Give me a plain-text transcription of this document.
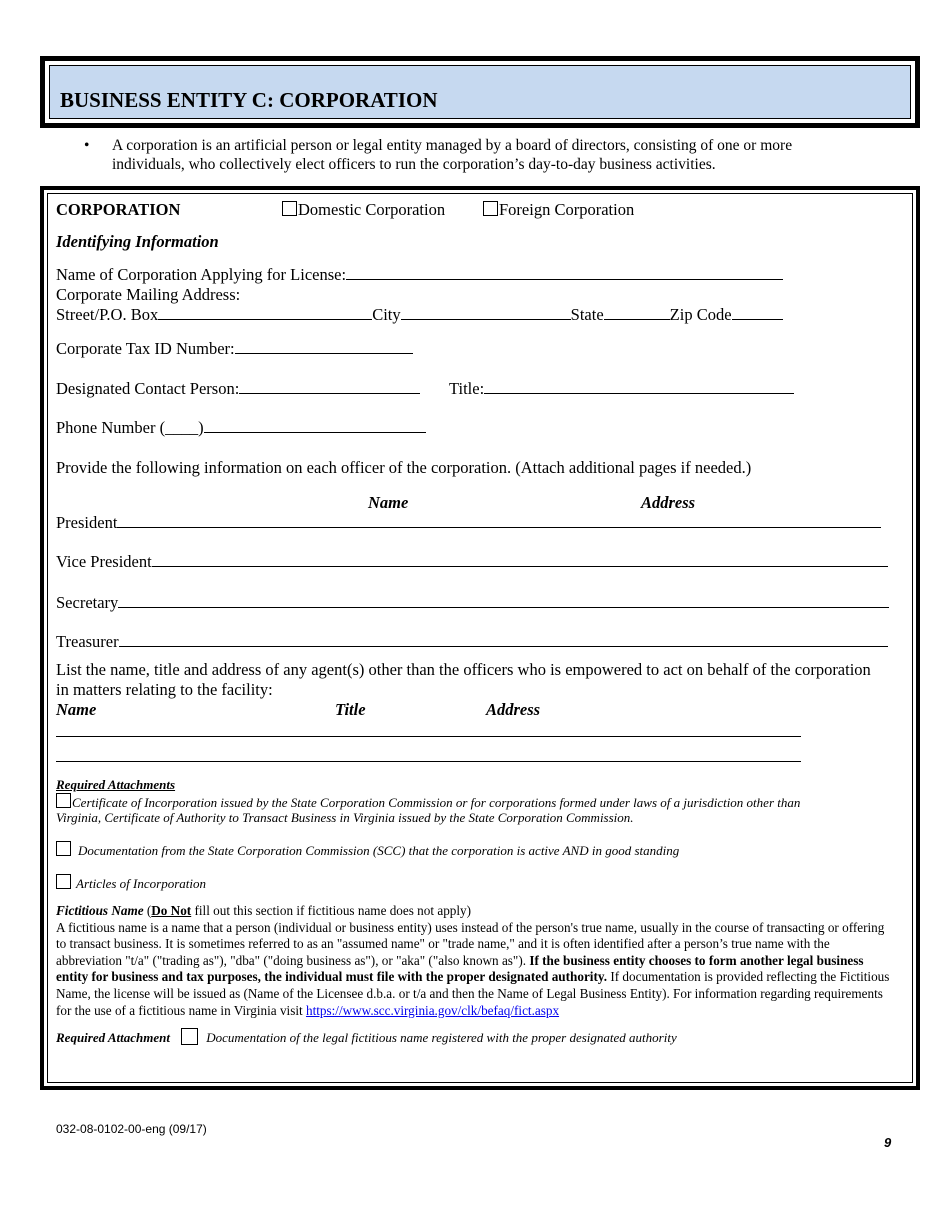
BUSINESS ENTITY C: CORPORATION
• A corporation is an artificial person or legal entity managed by a board of directors, consisting of one or more individuals, who collectively elect officers to run the corporation’s day-to-day business activities.
CORPORATION	Domestic Corporation	Foreign Corporation
Identifying Information
Name of Corporation Applying for License:
Corporate Mailing Address:
Street/P.O. Box	City	State	Zip Code
Corporate Tax ID Number:
Designated Contact Person:	Title:
Phone Number (____)
Provide the following information on each officer of the corporation. (Attach additional pages if needed.)
Name	Address
President
Vice President
Secretary
Treasurer
List the name, title and address of any agent(s) other than the officers who is empowered to act on behalf of the corporation
in matters relating to the facility:
Name	Title	Address
Required Attachments
Certificate of Incorporation issued by the State Corporation Commission or for corporations formed under laws of a jurisdiction other than
Virginia, Certificate of Authority to Transact Business in Virginia issued by the State Corporation Commission.
Documentation from the State Corporation Commission (SCC) that the corporation is active AND in good standing
Articles of Incorporation
Fictitious Name (Do Not fill out this section if fictitious name does not apply)
A fictitious name is a name that a person (individual or business entity) uses instead of the person's true name, usually in the course of transacting or offering to transact business. It is sometimes referred to as an "assumed name" or "trade name," and it is often identified after a person’s true name with the abbreviation "t/a" ("trading as"), "dba" ("doing business as"), or "aka" ("also known as"). If the business entity chooses to form another legal business entity for business and tax purposes, the individual must file with the proper designated authority. If documentation is provided reflecting the Fictitious Name, the license will be issued as (Name of the Licensee d.b.a. or t/a and then the Name of Legal Business Entity). For information regarding requirements for the use of a fictitious name in Virginia visit https://www.scc.virginia.gov/clk/befaq/fict.aspx
Required Attachment	Documentation of the legal fictitious name registered with the proper designated authority
032-08-0102-00-eng (09/17)
9
